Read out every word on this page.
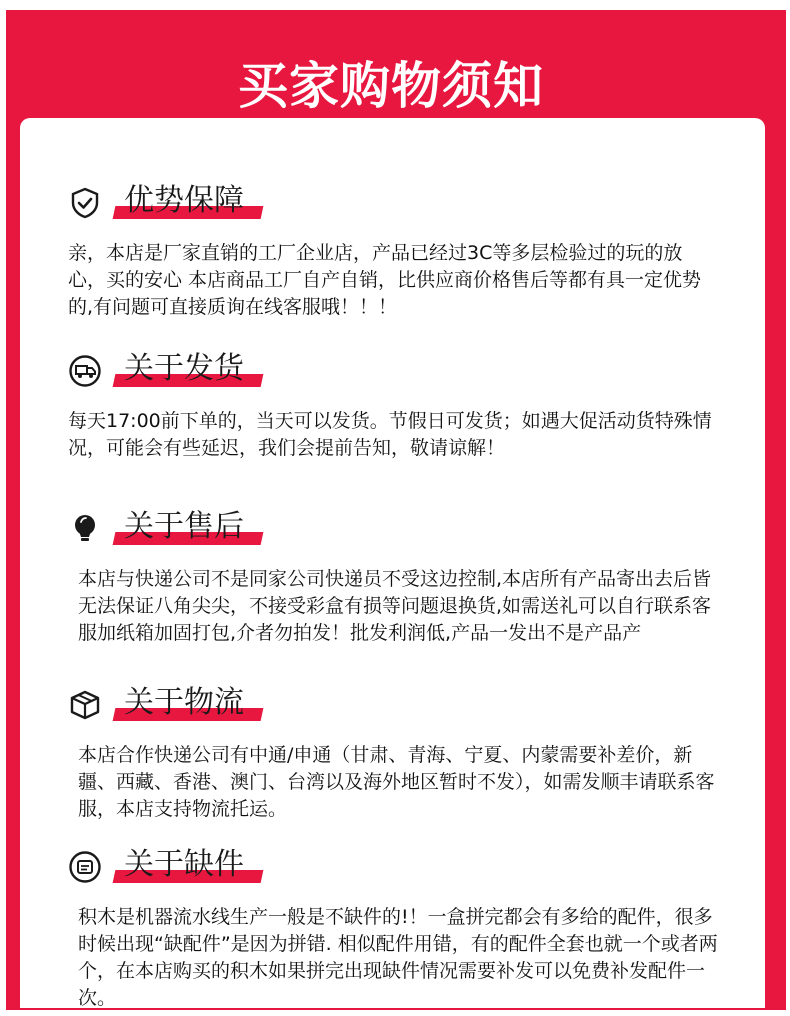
买家购物须知
优势保障
亲，本店是厂家直销的工厂企业店，产品已经过3C等多层检验过的玩的放心，买的安心 本店商品工厂自产自销，比供应商价格售后等都有具一定优势的,有问题可直接质询在线客服哦！！！
关于发货
每天17:00前下单的，当天可以发货。节假日可发货；如遇大促活动货特殊情况，可能会有些延迟，我们会提前告知，敬请谅解！
关于售后
本店与快递公司不是同家公司快递员不受这边控制,本店所有产品寄出去后皆无法保证八角尖尖，不接受彩盒有损等问题退换货,如需送礼可以自行联系客服加纸箱加固打包,介者勿拍发！批发利润低,产品一发出不是产品产
关于物流
本店合作快递公司有中通/申通（甘肃、青海、宁夏、内蒙需要补差价，新疆、西藏、香港、澳门、台湾以及海外地区暂时不发），如需发顺丰请联系客服，本店支持物流托运。
关于缺件
积木是机器流水线生产一般是不缺件的!！一盒拼完都会有多给的配件，很多时候出现“缺配件”是因为拼错. 相似配件用错，有的配件全套也就一个或者两个，在本店购买的积木如果拼完出现缺件情况需要补发可以免费补发配件一次。
